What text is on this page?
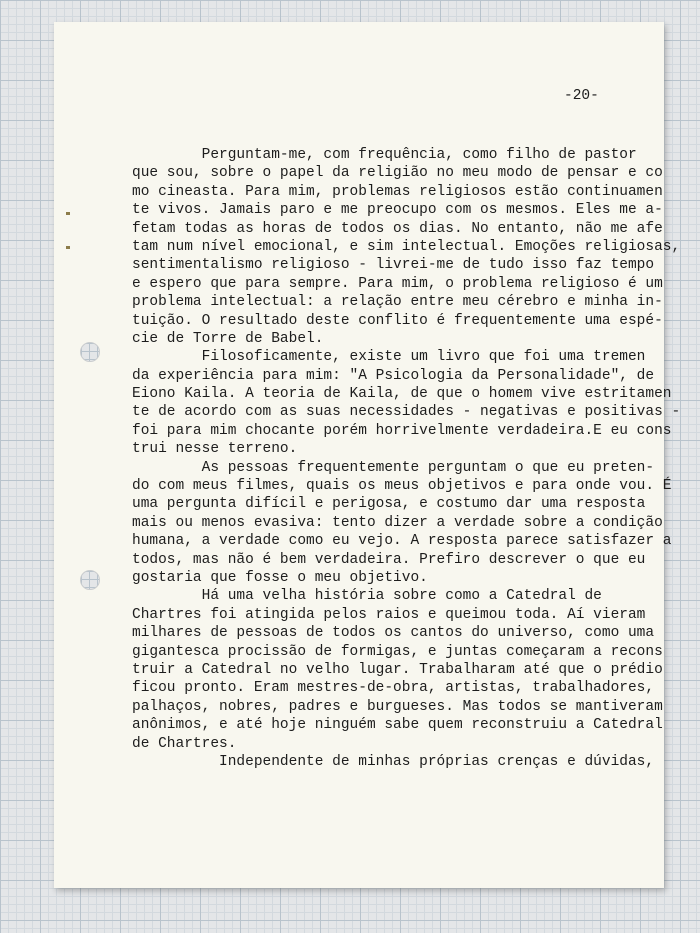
-20-
Perguntam-me, com frequência, como filho de pastor
que sou, sobre o papel da religião no meu modo de pensar e co
mo cineasta. Para mim, problemas religiosos estão continuamen
te vivos. Jamais paro e me preocupo com os mesmos. Eles me a-
fetam todas as horas de todos os dias. No entanto, não me afe
tam num nível emocional, e sim intelectual. Emoções religiosas,
sentimentalismo religioso - livrei-me de tudo isso faz tempo
e espero que para sempre. Para mim, o problema religioso é um
problema intelectual: a relação entre meu cérebro e minha in-
tuição. O resultado deste conflito é frequentemente uma espé-
cie de Torre de Babel.
Filosoficamente, existe um livro que foi uma tremen
da experiência para mim: "A Psicologia da Personalidade", de
Eiono Kaila. A teoria de Kaila, de que o homem vive estritamen
te de acordo com as suas necessidades - negativas e positivas -
foi para mim chocante porém horrivelmente verdadeira.E eu cons
trui nesse terreno.
As pessoas frequentemente perguntam o que eu preten-
do com meus filmes, quais os meus objetivos e para onde vou. É
uma pergunta difícil e perigosa, e costumo dar uma resposta
mais ou menos evasiva: tento dizer a verdade sobre a condição
humana, a verdade como eu vejo. A resposta parece satisfazer a
todos, mas não é bem verdadeira. Prefiro descrever o que eu
gostaria que fosse o meu objetivo.
Há uma velha história sobre como a Catedral de
Chartres foi atingida pelos raios e queimou toda. Aí vieram
milhares de pessoas de todos os cantos do universo, como uma
gigantesca procissão de formigas, e juntas começaram a recons
truir a Catedral no velho lugar. Trabalharam até que o prédio
ficou pronto. Eram mestres-de-obra, artistas, trabalhadores,
palhaços, nobres, padres e burgueses. Mas todos se mantiveram
anônimos, e até hoje ninguém sabe quem reconstruiu a Catedral
de Chartres.
Independente de minhas próprias crenças e dúvidas,
